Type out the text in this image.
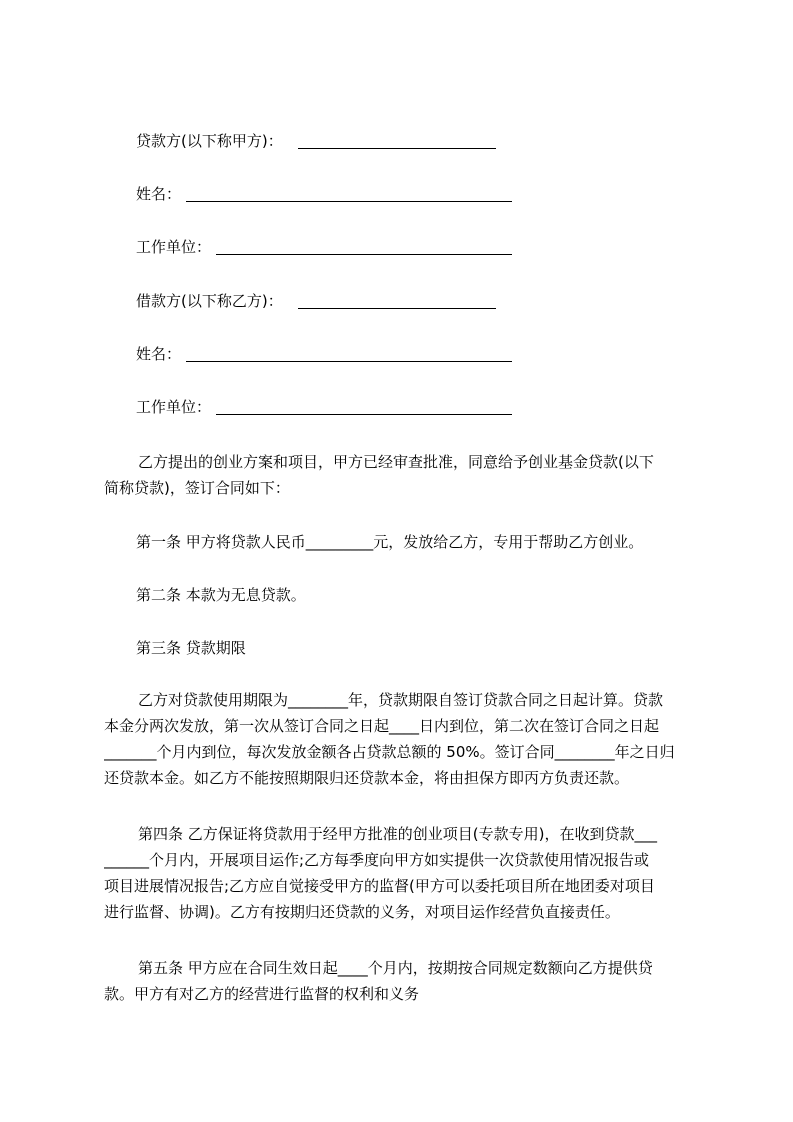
贷款方(以下称甲方)：
姓名：
工作单位：
借款方(以下称乙方)：
姓名：
工作单位：
乙方提出的创业方案和项目，甲方已经审查批准，同意给予创业基金贷款(以下
简称贷款)，签订合同如下：
第一条 甲方将贷款人民币_________元，发放给乙方，专用于帮助乙方创业。
第二条 本款为无息贷款。
第三条 贷款期限
乙方对贷款使用期限为________年，贷款期限自签订贷款合同之日起计算。贷款
本金分两次发放，第一次从签订合同之日起____日内到位，第二次在签订合同之日起
_______个月内到位，每次发放金额各占贷款总额的 50%。签订合同________年之日归
还贷款本金。如乙方不能按照期限归还贷款本金，将由担保方即丙方负责还款。
第四条 乙方保证将贷款用于经甲方批准的创业项目(专款专用)，在收到贷款___
______个月内，开展项目运作;乙方每季度向甲方如实提供一次贷款使用情况报告或
项目进展情况报告;乙方应自觉接受甲方的监督(甲方可以委托项目所在地团委对项目
进行监督、协调)。乙方有按期归还贷款的义务，对项目运作经营负直接责任。
第五条 甲方应在合同生效日起____个月内，按期按合同规定数额向乙方提供贷
款。甲方有对乙方的经营进行监督的权利和义务
